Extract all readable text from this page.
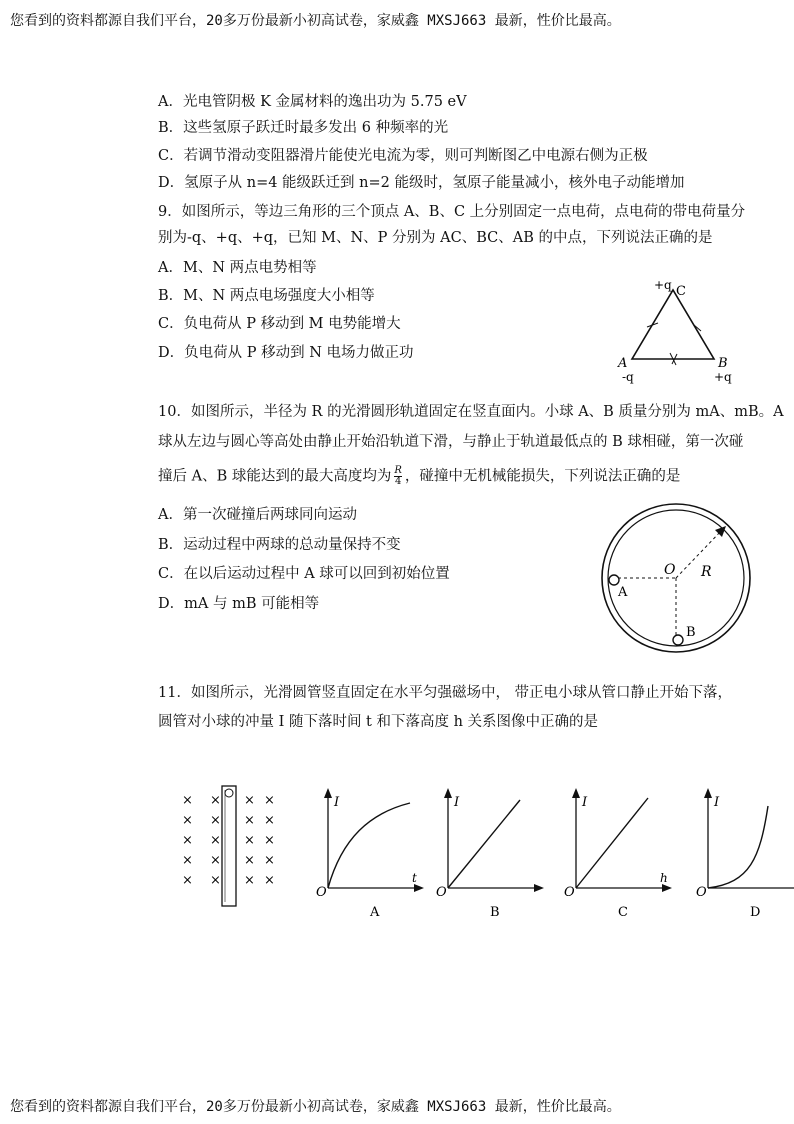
您看到的资料都源自我们平台，20多万份最新小初高试卷，家威鑫 MXSJ663 最新，性价比最高。
您看到的资料都源自我们平台，20多万份最新小初高试卷，家威鑫 MXSJ663 最新，性价比最高。
A．光电管阴极 K 金属材料的逸出功为 5.75 eV
B．这些氢原子跃迁时最多发出 6 种频率的光
C．若调节滑动变阻器滑片能使光电流为零，则可判断图乙中电源右侧为正极
D．氢原子从 n=4 能级跃迁到 n=2 能级时，氢原子能量减小，核外电子动能增加
9．如图所示，等边三角形的三个顶点 A、B、C 上分别固定一点电荷，点电荷的带电荷量分
别为-q、+q、+q，已知 M、N、P 分别为 AC、BC、AB 的中点，下列说法正确的是
A．M、N 两点电势相等
B．M、N 两点电场强度大小相等
C．负电荷从 P 移动到 M 电势能增大
D．负电荷从 P 移动到 N 电场力做正功
+q C
A
-q
B
+q
10．如图所示，半径为 R 的光滑圆形轨道固定在竖直面内。小球 A、B 质量分别为 mA、mB。A
球从左边与圆心等高处由静止开始沿轨道下滑，与静止于轨道最低点的 B 球相碰，第一次碰
撞后 A、B 球能达到的最大高度均为 $\frac{R}{4}$ ，碰撞中无机械能损失，下列说法正确的是
A．第一次碰撞后两球同向运动
B．运动过程中两球的总动量保持不变
C．在以后运动过程中 A 球可以回到初始位置
D．mA 与 mB 可能相等
O R
A
B
11．如图所示，光滑圆管竖直固定在水平匀强磁场中， 带正电小球从管口静止开始下落，
圆管对小球的冲量 I 随下落时间 t 和下落高度 h 关系图像中正确的是
× × × ×
× × × ×
× × × ×
× × × ×
× × × ×
I
O
t
A
I
O
B
I
O
h
C
I
O
D
